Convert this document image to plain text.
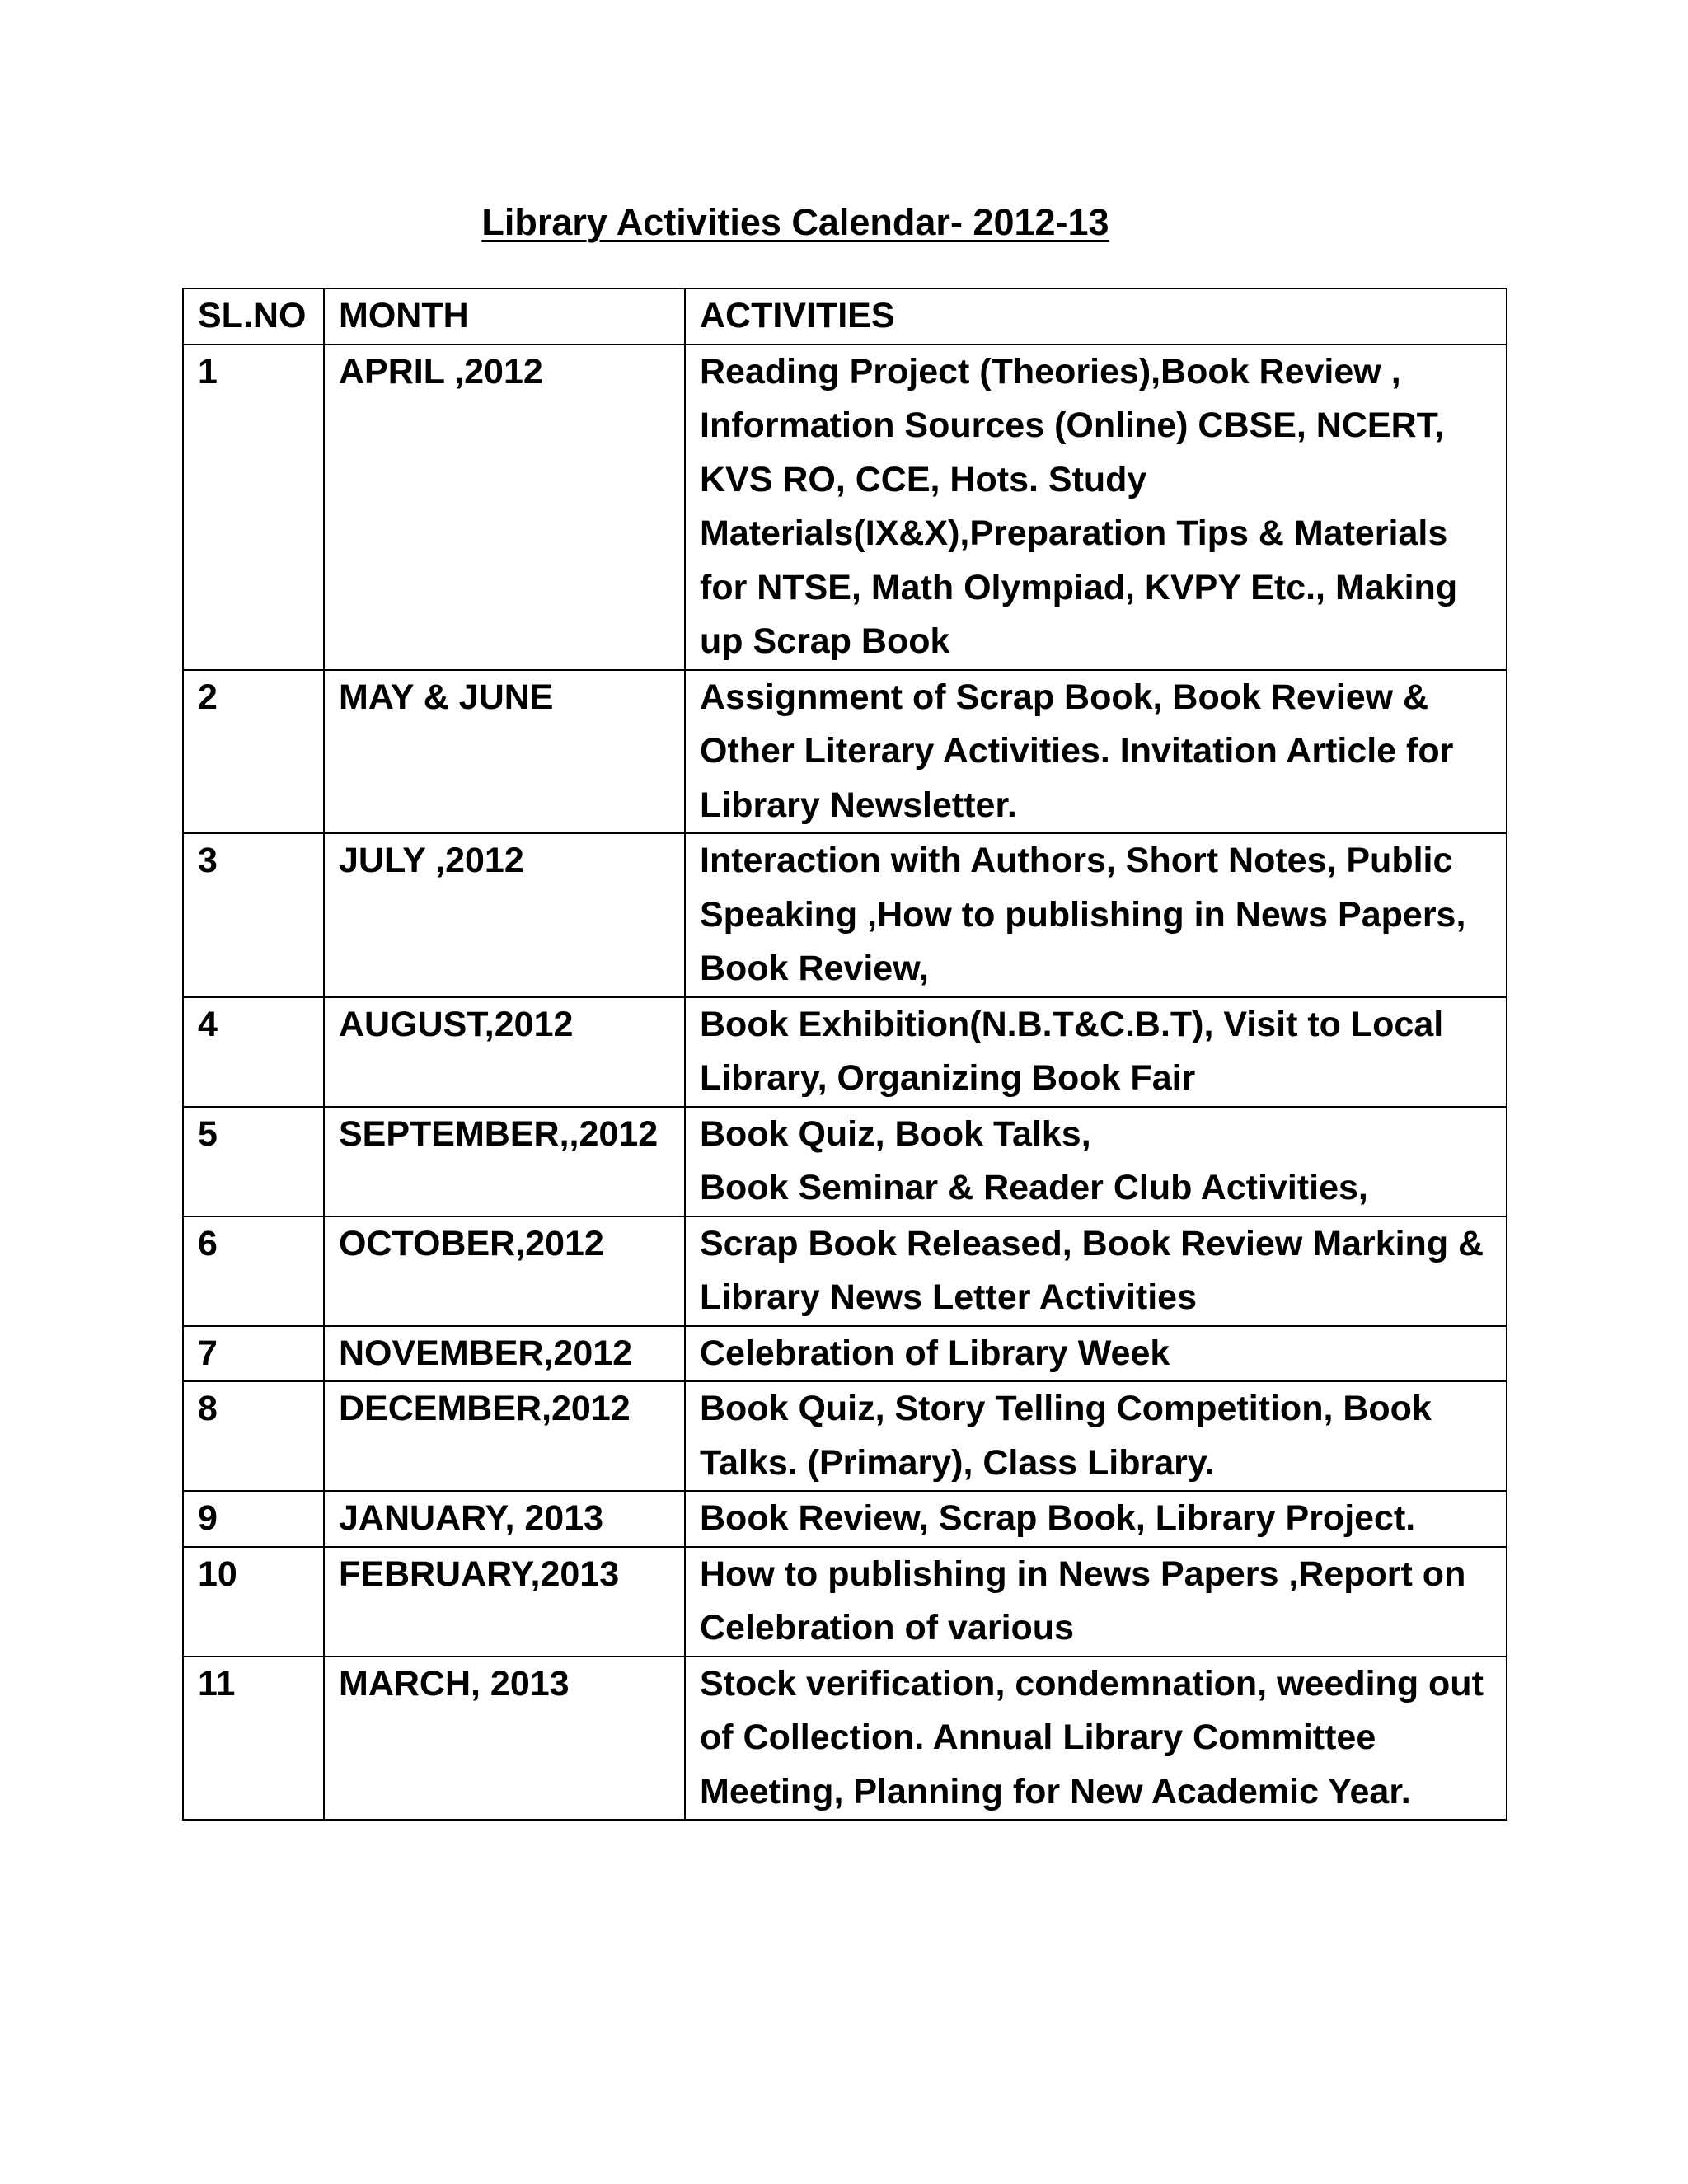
Library Activities Calendar- 2012-13
SL.NO	MONTH	ACTIVITIES
1	APRIL ,2012	Reading Project (Theories),Book Review , Information Sources (Online) CBSE, NCERT, KVS RO, CCE, Hots. Study Materials(IX&X),Preparation Tips & Materials for NTSE, Math Olympiad, KVPY Etc., Making up Scrap Book
2	MAY & JUNE	Assignment of Scrap Book, Book Review & Other Literary Activities. Invitation Article for Library Newsletter.
3	JULY ,2012	Interaction with Authors, Short Notes, Public Speaking ,How to publishing in News Papers, Book Review,
4	AUGUST,2012	Book Exhibition(N.B.T&C.B.T), Visit to Local Library, Organizing Book Fair
5	SEPTEMBER,,2012	Book Quiz, Book Talks,
Book Seminar & Reader Club Activities,

6	OCTOBER,2012	Scrap Book Released, Book Review Marking & Library News Letter Activities
7	NOVEMBER,2012	Celebration of Library Week
8	DECEMBER,2012	Book Quiz, Story Telling Competition, Book Talks. (Primary), Class Library.
9	JANUARY, 2013	Book Review, Scrap Book, Library Project.
10	FEBRUARY,2013	How to publishing in News Papers ,Report on Celebration of various
11	MARCH, 2013	Stock verification, condemnation, weeding out of Collection. Annual Library Committee Meeting, Planning for New Academic Year.
